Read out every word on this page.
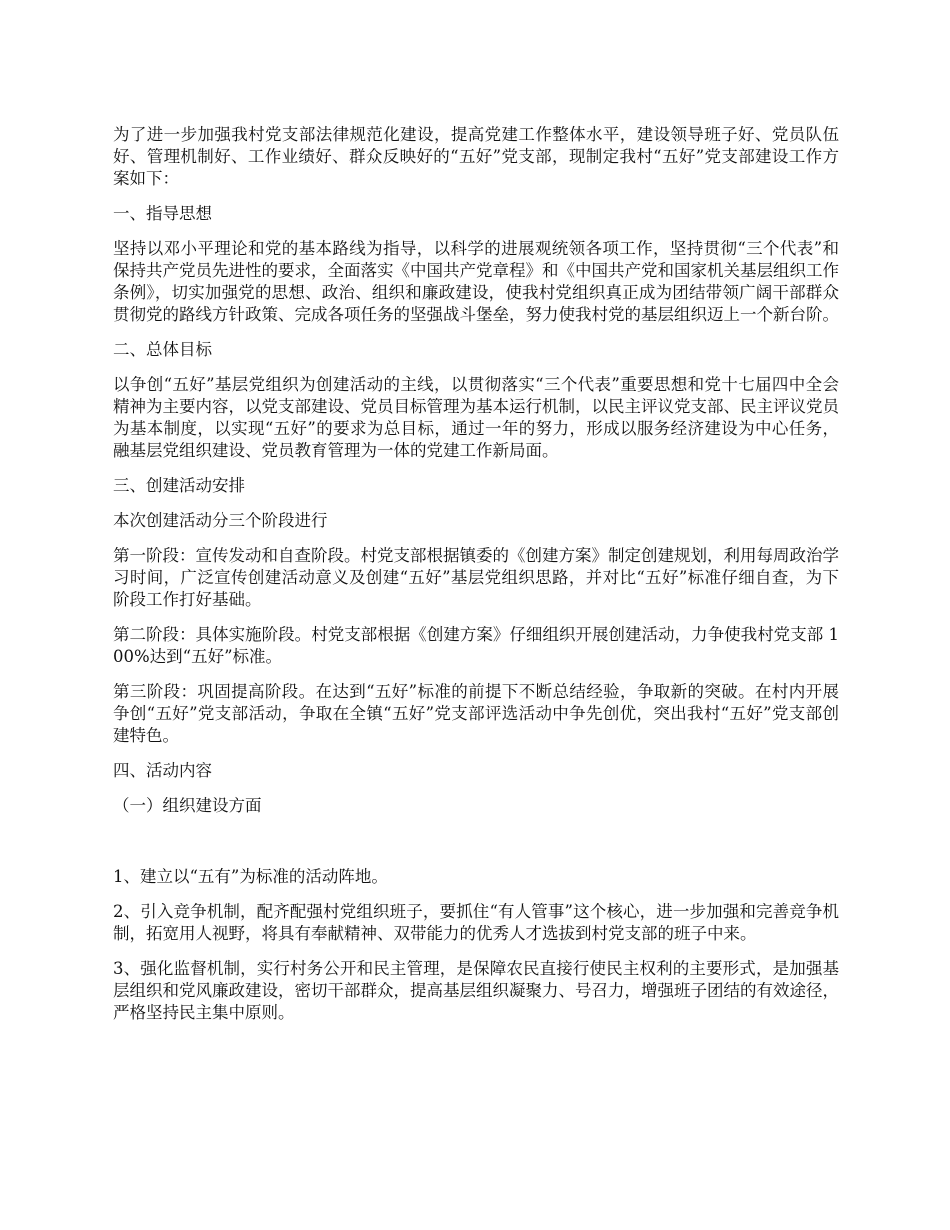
为了进一步加强我村党支部法律规范化建设，提高党建工作整体水平，建设领导班子好、党员队伍好、管理机制好、工作业绩好、群众反映好的“五好”党支部，现制定我村“五好”党支部建设工作方案如下：

一、指导思想

坚持以邓小平理论和党的基本路线为指导，以科学的进展观统领各项工作，坚持贯彻“三个代表”和保持共产党员先进性的要求，全面落实《中国共产党章程》和《中国共产党和国家机关基层组织工作条例》，切实加强党的思想、政治、组织和廉政建设，使我村党组织真正成为团结带领广阔干部群众贯彻党的路线方针政策、完成各项任务的坚强战斗堡垒，努力使我村党的基层组织迈上一个新台阶。

二、总体目标

以争创“五好”基层党组织为创建活动的主线，以贯彻落实“三个代表”重要思想和党十七届四中全会精神为主要内容，以党支部建设、党员目标管理为基本运行机制，以民主评议党支部、民主评议党员为基本制度，以实现“五好”的要求为总目标，通过一年的努力，形成以服务经济建设为中心任务，融基层党组织建设、党员教育管理为一体的党建工作新局面。

三、创建活动安排

本次创建活动分三个阶段进行

第一阶段：宣传发动和自查阶段。村党支部根据镇委的《创建方案》制定创建规划，利用每周政治学习时间，广泛宣传创建活动意义及创建“五好”基层党组织思路，并对比“五好”标准仔细自查，为下阶段工作打好基础。

第二阶段：具体实施阶段。村党支部根据《创建方案》仔细组织开展创建活动，力争使我村党支部 100%达到“五好”标准。

第三阶段：巩固提高阶段。在达到“五好”标准的前提下不断总结经验，争取新的突破。在村内开展争创“五好”党支部活动，争取在全镇“五好”党支部评选活动中争先创优，突出我村“五好”党支部创建特色。

四、活动内容

（一）组织建设方面

1、建立以“五有”为标准的活动阵地。

2、引入竞争机制，配齐配强村党组织班子，要抓住“有人管事”这个核心，进一步加强和完善竞争机制，拓宽用人视野，将具有奉献精神、双带能力的优秀人才选拔到村党支部的班子中来。

3、强化监督机制，实行村务公开和民主管理，是保障农民直接行使民主权利的主要形式，是加强基层组织和党风廉政建设，密切干部群众，提高基层组织凝聚力、号召力，增强班子团结的有效途径，严格坚持民主集中原则。
